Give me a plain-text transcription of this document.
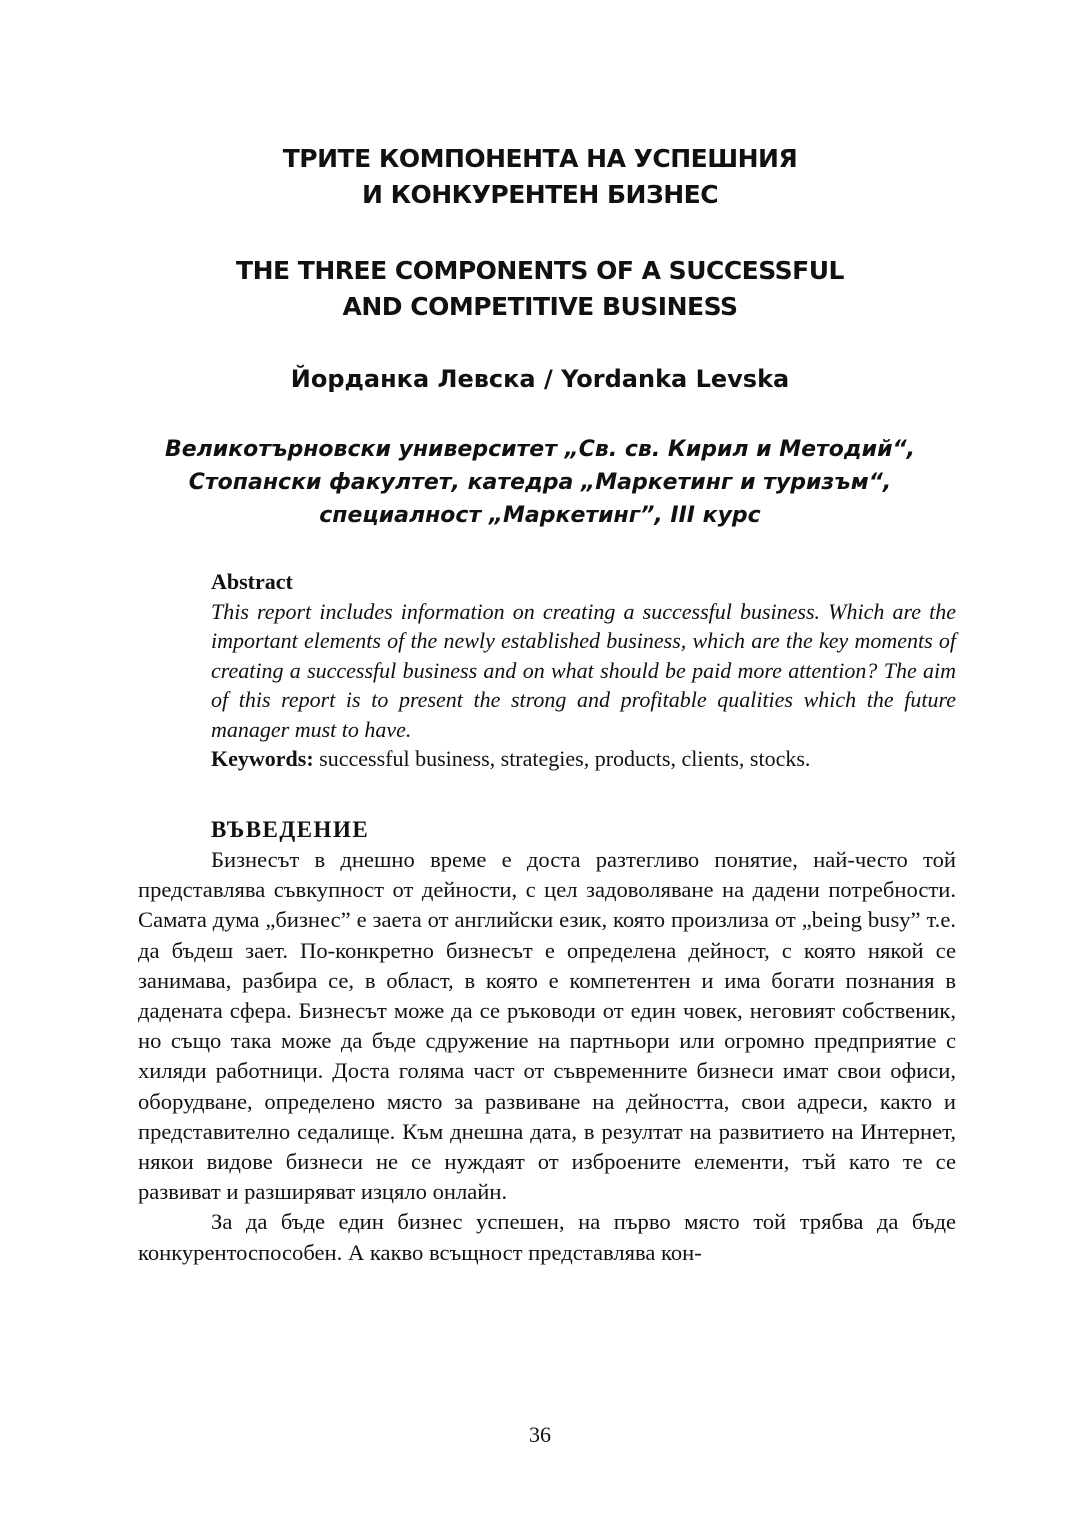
ТРИТЕ КОМПОНЕНТА НА УСПЕШНИЯ
И КОНКУРЕНТЕН БИЗНЕС
THE THREE COMPONENTS OF A SUCCESSFUL
AND COMPETITIVE BUSINESS
Йорданка Левска / Yordanka Levska
Великотърновски университет „Св. св. Кирил и Методий“,
Стопански факултет, катедра „Маркетинг и туризъм“,
специалност „Маркетинг”, III курс
Abstract
This report includes information on creating a successful business. Which are the important elements of the newly established business, which are the key moments of creating a successful business and on what should be paid more attention? The aim of this report is to present the strong and profitable qualities which the future manager must to have.
Keywords: successful business, strategies, products, clients, stocks.
ВЪВЕДЕНИЕ

Бизнесът в днешно време е доста разтегливо понятие, най-често той представлява съвкупност от дейности, с цел задоволяване на дадени потребности. Самата дума „бизнес” е заета от английски език, която произлиза от „being busy” т.е. да бъдеш зает. По-конкретно бизнесът е определена дейност, с която някой се занимава, разбира се, в област, в която е компетентен и има богати познания в дадената сфера. Бизнесът може да се ръководи от един човек, неговият собственик, но също така може да бъде сдружение на партньори или огромно предприятие с хиляди работници. Доста голяма част от съвременните бизнеси имат свои офиси, оборудване, определено място за развиване на дейността, свои адреси, както и представително седалище. Към днешна дата, в резултат на развитието на Интернет, някои видове бизнеси не се нуждаят от изброените елементи, тъй като те се развиват и разширяват изцяло онлайн.

За да бъде един бизнес успешен, на първо място той трябва да бъде конкурентоспособен. А какво всъщност представлява кон-

36
